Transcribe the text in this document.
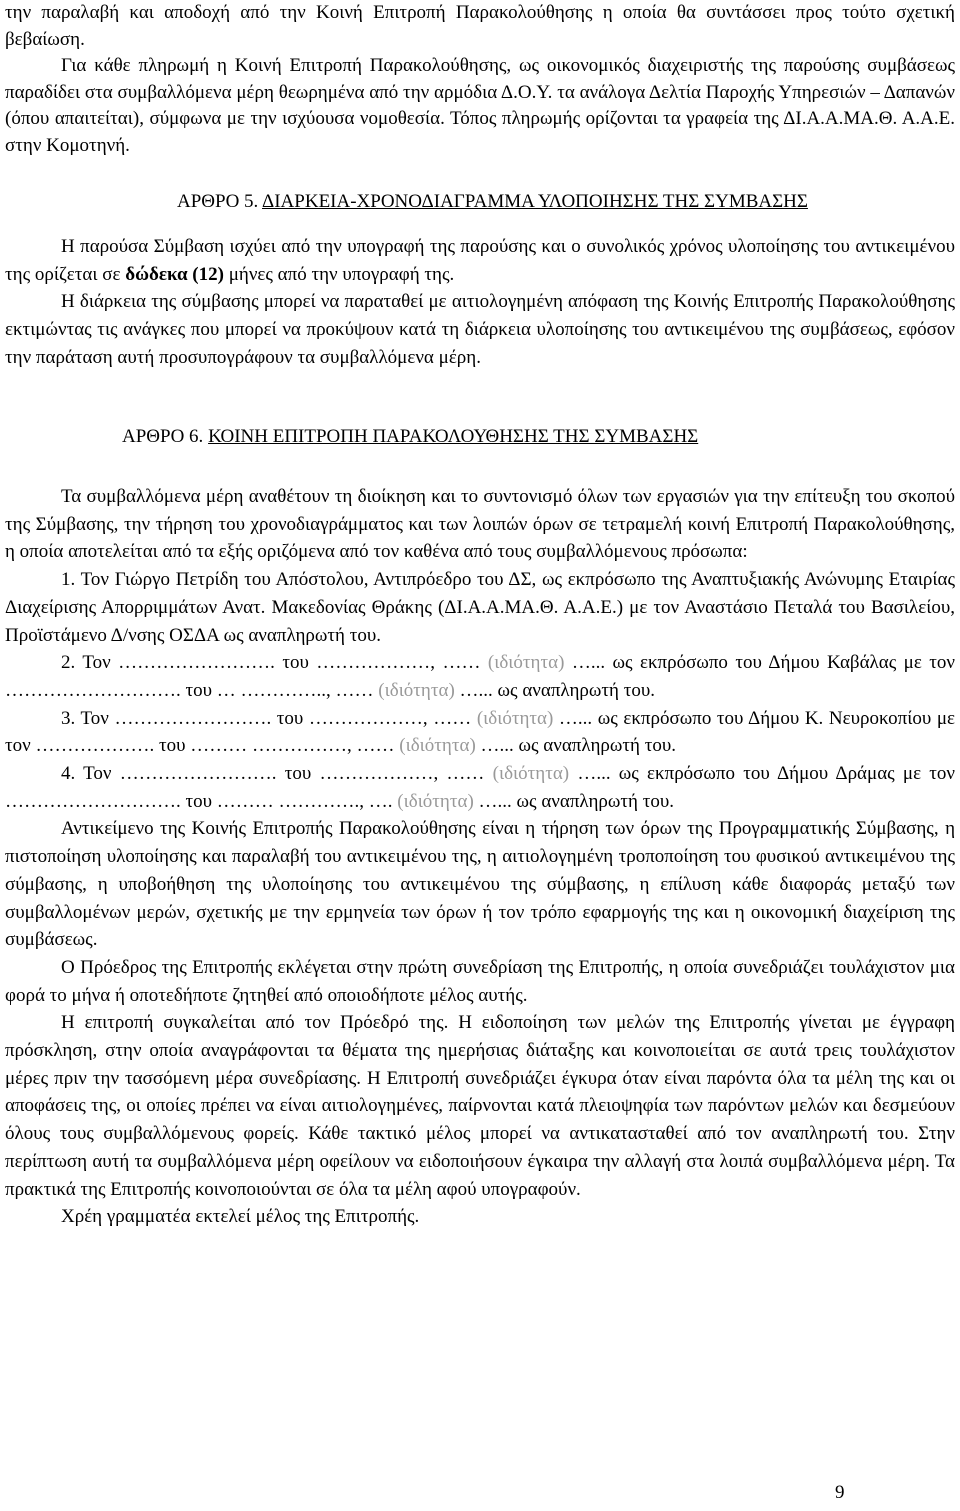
την παραλαβή και αποδοχή από την Κοινή Επιτροπή Παρακολούθησης η οποία θα συντάσσει προς τούτο σχετική βεβαίωση.
Για κάθε πληρωμή η Κοινή Επιτροπή Παρακολούθησης, ως οικονομικός διαχειριστής της παρούσης συμβάσεως παραδίδει στα συμβαλλόμενα μέρη θεωρημένα από την αρμόδια Δ.Ο.Υ. τα ανάλογα Δελτία Παροχής Υπηρεσιών – Δαπανών (όπου απαιτείται), σύμφωνα με την ισχύουσα νομοθεσία. Τόπος πληρωμής ορίζονται τα γραφεία της ΔΙ.Α.Α.ΜΑ.Θ. Α.Α.Ε. στην Κομοτηνή.
ΑΡΘΡΟ 5. ΔΙΑΡΚΕΙΑ-ΧΡΟΝΟΔΙΑΓΡΑΜΜΑ ΥΛΟΠΟΙΗΣΗΣ ΤΗΣ ΣΥΜΒΑΣΗΣ
Η παρούσα Σύμβαση ισχύει από την υπογραφή της παρούσης και ο συνολικός χρόνος υλοποίησης του αντικειμένου της ορίζεται σε δώδεκα (12) μήνες από την υπογραφή της.
Η διάρκεια της σύμβασης μπορεί να παραταθεί με αιτιολογημένη απόφαση της Κοινής Επιτροπής Παρακολούθησης εκτιμώντας τις ανάγκες που μπορεί να προκύψουν κατά τη διάρκεια υλοποίησης του αντικειμένου της συμβάσεως, εφόσον την παράταση αυτή προσυπογράφουν τα συμβαλλόμενα μέρη.
ΑΡΘΡΟ 6. ΚΟΙΝΗ ΕΠΙΤΡΟΠΗ ΠΑΡΑΚΟΛΟΥΘΗΣΗΣ ΤΗΣ ΣΥΜΒΑΣΗΣ
Τα συμβαλλόμενα μέρη αναθέτουν τη διοίκηση και το συντονισμό όλων των εργασιών για την επίτευξη του σκοπού της Σύμβασης, την τήρηση του χρονοδιαγράμματος και των λοιπών όρων σε τετραμελή κοινή Επιτροπή Παρακολούθησης, η οποία αποτελείται από τα εξής οριζόμενα από τον καθένα από τους συμβαλλόμενους πρόσωπα:
1. Τον Γιώργο Πετρίδη του Απόστολου, Αντιπρόεδρο του ΔΣ, ως εκπρόσωπο της Αναπτυξιακής Ανώνυμης Εταιρίας Διαχείρισης Απορριμμάτων Ανατ. Μακεδονίας Θράκης (ΔΙ.Α.Α.ΜΑ.Θ. Α.Α.Ε.) με τον Αναστάσιο Πεταλά του Βασιλείου, Προϊστάμενο Δ/νσης ΟΣΔΑ ως αναπληρωτή του.
2. Τον ……………………. του ………………, …… (ιδιότητα) …... ως εκπρόσωπο του Δήμου Καβάλας με τον ………………………. του … ………….., …… (ιδιότητα) …... ως αναπληρωτή του.
3. Τον ……………………. του ………………, …… (ιδιότητα) …... ως εκπρόσωπο του Δήμου Κ. Νευροκοπίου με τον ………………. του ……… ……………, …… (ιδιότητα) …... ως αναπληρωτή του.
4. Τον ……………………. του ………………, …… (ιδιότητα) …... ως εκπρόσωπο του Δήμου Δράμας με τον ………………………. του ……… …………., …. (ιδιότητα) …... ως αναπληρωτή του.
Αντικείμενο της Κοινής Επιτροπής Παρακολούθησης είναι η τήρηση των όρων της Προγραμματικής Σύμβασης, η πιστοποίηση υλοποίησης και παραλαβή του αντικειμένου της, η αιτιολογημένη τροποποίηση του φυσικού αντικειμένου της σύμβασης, η υποβοήθηση της υλοποίησης του αντικειμένου της σύμβασης, η επίλυση κάθε διαφοράς μεταξύ των συμβαλλομένων μερών, σχετικής με την ερμηνεία των όρων ή τον τρόπο εφαρμογής της και η οικονομική διαχείριση της συμβάσεως.
Ο Πρόεδρος της Επιτροπής εκλέγεται στην πρώτη συνεδρίαση της Επιτροπής, η οποία συνεδριάζει τουλάχιστον μια φορά το μήνα ή οποτεδήποτε ζητηθεί από οποιοδήποτε μέλος αυτής.
Η επιτροπή συγκαλείται από τον Πρόεδρό της. Η ειδοποίηση των μελών της Επιτροπής γίνεται με έγγραφη πρόσκληση, στην οποία αναγράφονται τα θέματα της ημερήσιας διάταξης και κοινοποιείται σε αυτά τρεις τουλάχιστον μέρες πριν την τασσόμενη μέρα συνεδρίασης. Η Επιτροπή συνεδριάζει έγκυρα όταν είναι παρόντα όλα τα μέλη της και οι αποφάσεις της, οι οποίες πρέπει να είναι αιτιολογημένες, παίρνονται κατά πλειοψηφία των παρόντων μελών και δεσμεύουν όλους τους συμβαλλόμενους φορείς. Κάθε τακτικό μέλος μπορεί να αντικατασταθεί από τον αναπληρωτή του. Στην περίπτωση αυτή τα συμβαλλόμενα μέρη οφείλουν να ειδοποιήσουν έγκαιρα την αλλαγή στα λοιπά συμβαλλόμενα μέρη. Τα πρακτικά της Επιτροπής κοινοποιούνται σε όλα τα μέλη αφού υπογραφούν.
Χρέη γραμματέα εκτελεί μέλος της Επιτροπής.
9
